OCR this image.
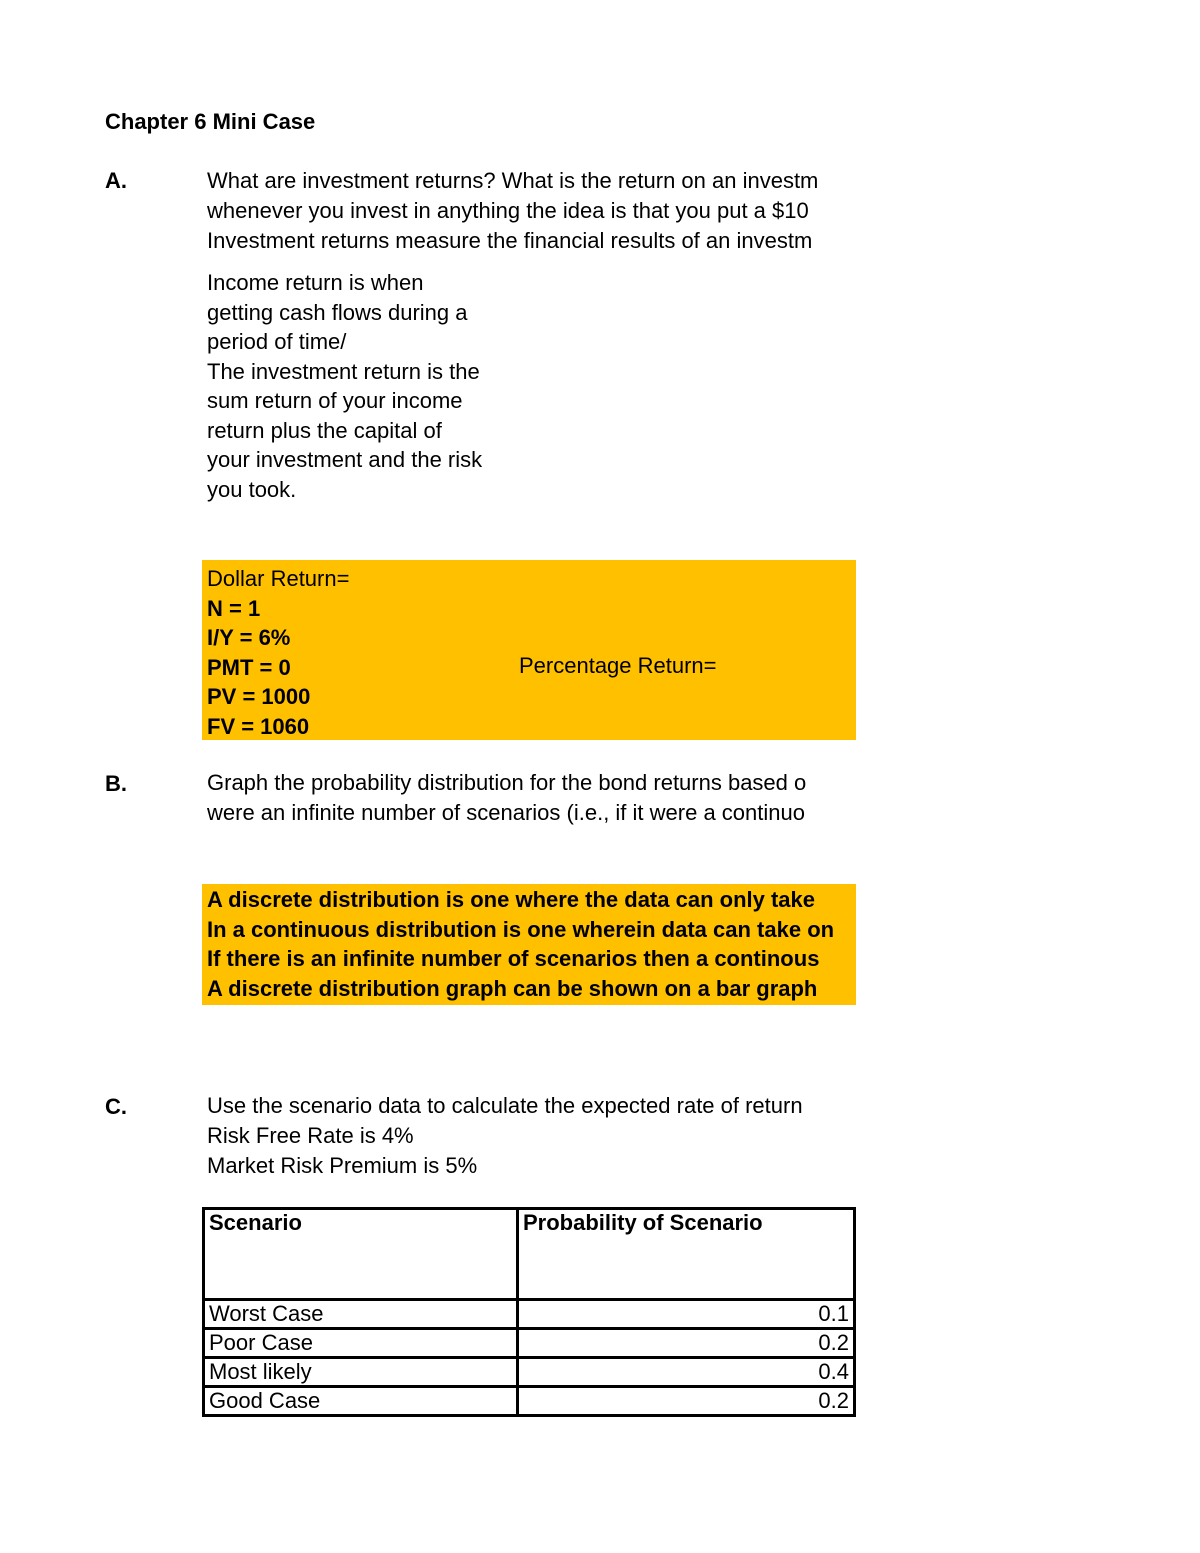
Chapter 6 Mini Case
A.	What are investment returns? What is the return on an investm
whenever you invest in anything the idea is that you put a $10
Investment returns measure the financial results of an investm
Income return is when
getting cash flows during a
period of time/
The investment return is the
sum return of your income
return plus the capital of
your investment and the risk
you took.
Dollar Return=
N = 1
I/Y = 6%
PMT = 0
PV = 1000
FV = 1060
Percentage Return=
B.	Graph the probability distribution for the bond returns based o
were an infinite number of scenarios (i.e., if it were a continuo
A discrete distribution is one where the data can only take
In a continuous distribution is one wherein data can take on
If there is an infinite number of scenarios then a continous
A discrete distribution graph can be shown on a bar graph
C.	Use the scenario data to calculate the expected rate of return
Risk Free Rate is 4%
Market Risk Premium is 5%
Scenario	Probability of Scenario
Worst Case	0.1
Poor Case	0.2
Most likely	0.4
Good Case	0.2
